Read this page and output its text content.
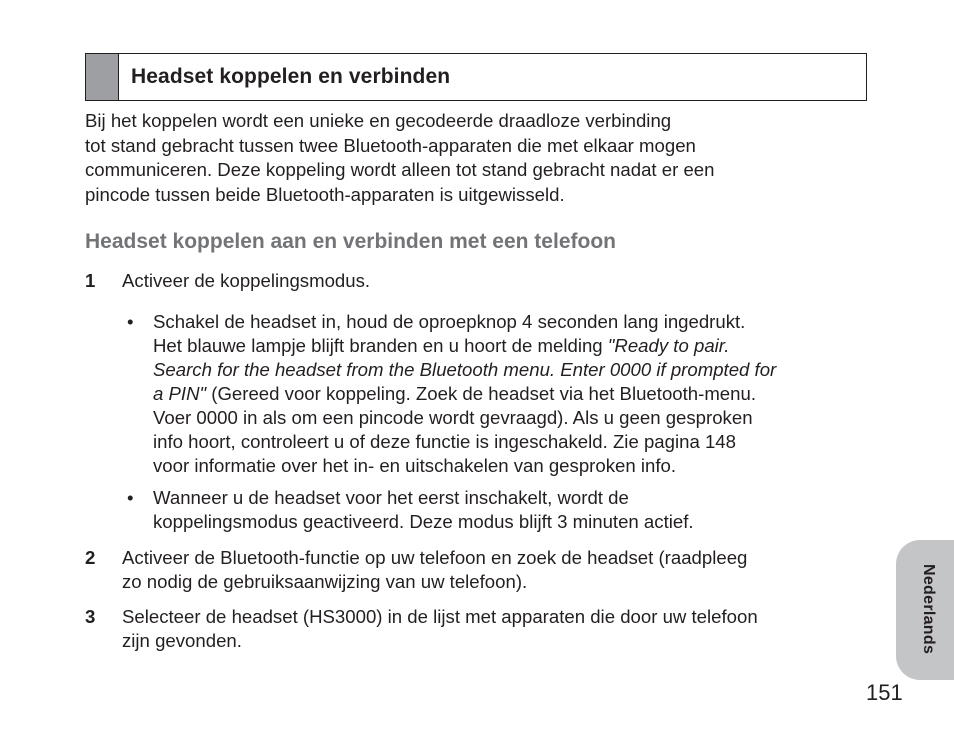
Headset koppelen en verbinden

Bij het koppelen wordt een unieke en gecodeerde draadloze verbinding
tot stand gebracht tussen twee Bluetooth-apparaten die met elkaar mogen
communiceren. Deze koppeling wordt alleen tot stand gebracht nadat er een
pincode tussen beide Bluetooth-apparaten is uitgewisseld.

Headset koppelen aan en verbinden met een telefoon
1	Activeer de koppelingsmodus.
•	Schakel de headset in, houd de oproepknop 4 seconden lang ingedrukt.
Het blauwe lampje blijft branden en u hoort de melding "Ready to pair.
Search for the headset from the Bluetooth menu. Enter 0000 if prompted for
a PIN" (Gereed voor koppeling. Zoek de headset via het Bluetooth-menu.
Voer 0000 in als om een pincode wordt gevraagd). Als u geen gesproken
info hoort, controleert u of deze functie is ingeschakeld. Zie pagina 148
voor informatie over het in- en uitschakelen van gesproken info.
•	Wanneer u de headset voor het eerst inschakelt, wordt de
koppelingsmodus geactiveerd. Deze modus blijft 3 minuten actief.
2	Activeer de Bluetooth-functie op uw telefoon en zoek de headset (raadpleeg
zo nodig de gebruiksaanwijzing van uw telefoon).
3	Selecteer de headset (HS3000) in de lijst met apparaten die door uw telefoon
zijn gevonden.	Nederlands
151
